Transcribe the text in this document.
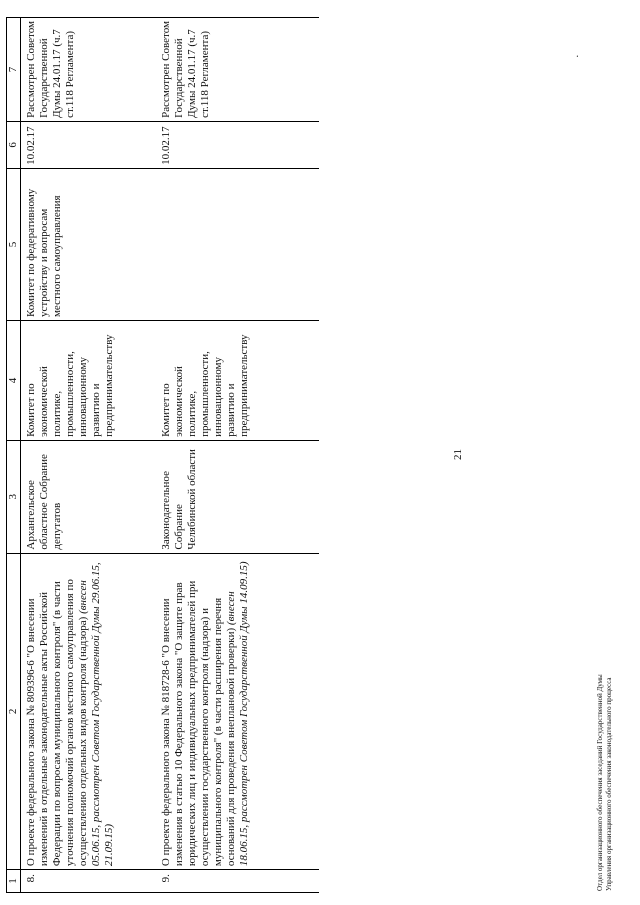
21
·
1	2	3	4	5	6	7
8.	О проекте федерального закона № 809396-6 "О внесении изменений в отдельные законодательные акты Российской Федерации по вопросам муниципального контроля" (в части уточнения полномочий органов местного самоуправления по осуществлению отдельных видов контроля (надзора) (внесен 05.06.15, рассмотрен Советом Государственной Думы 29.06.15, 21.09.15)	Архангельское областное Собрание депутатов	Комитет по экономической политике, промышленности, инновационному развитию и предпринимательству	Комитет по федеративному устройству и вопросам местного самоуправления	10.02.17	Рассмотрен Советом Государственной Думы 24.01.17 (ч.7 ст.118 Регламента)
9.	О проекте федерального закона № 818728-6 "О внесении изменения в статью 10 Федерального закона "О защите прав юридических лиц и индивидуальных предпринимателей при осуществлении государственного контроля (надзора) и муниципального контроля" (в части расширения перечня оснований для проведения внеплановой проверки) (внесен 18.06.15, рассмотрен Советом Государственной Думы 14.09.15)	Законодательное Собрание Челябинской области	Комитет по экономической политике, промышленности, инновационному развитию и предпринимательству		10.02.17	Рассмотрен Советом Государственной Думы 24.01.17 (ч.7 ст.118 Регламента)
Отдел организационного обеспечения заседаний Государственной Думы Управления организационного обеспечения законодательного процесса
